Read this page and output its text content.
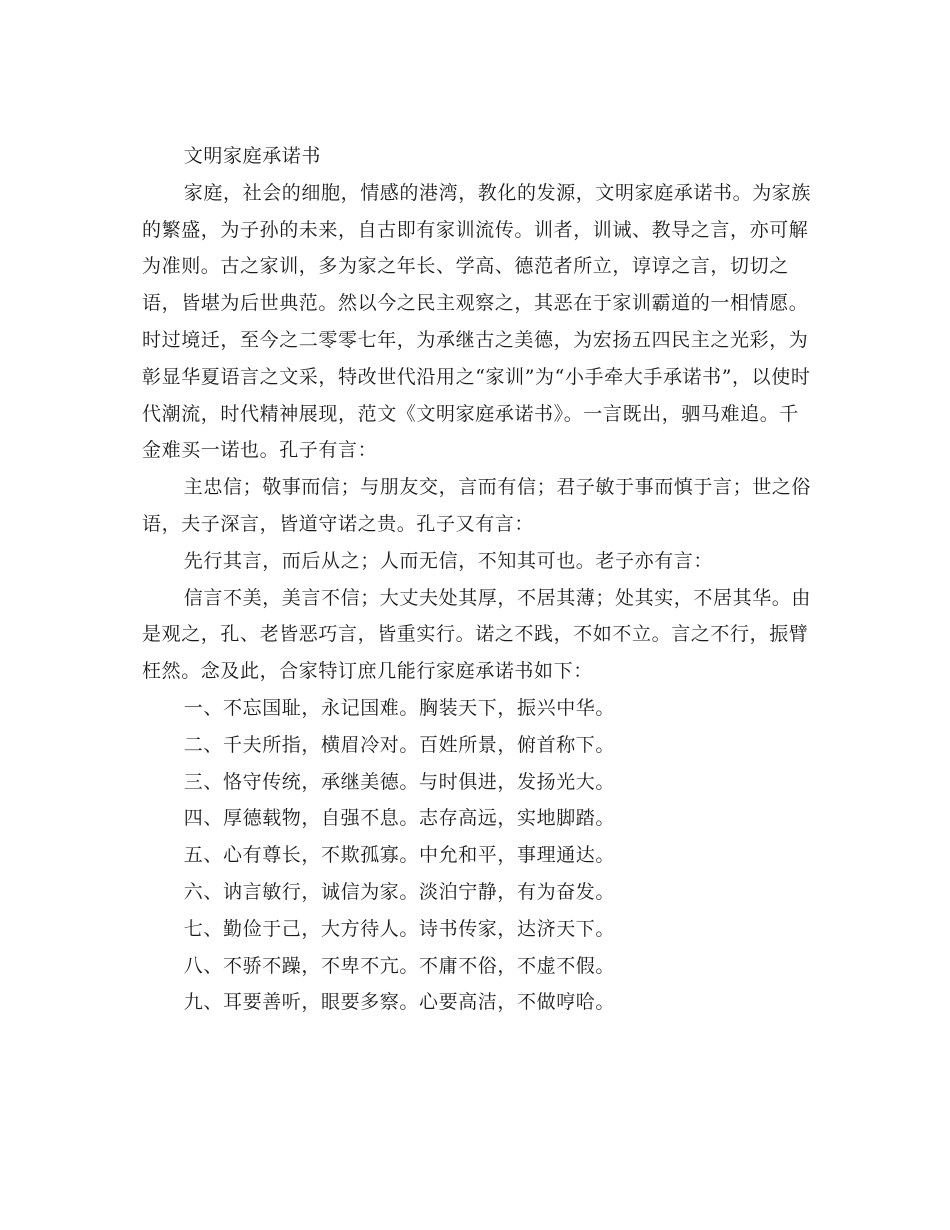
文明家庭承诺书

家庭，社会的细胞，情感的港湾，教化的发源，文明家庭承诺书。为家族的繁盛，为子孙的未来，自古即有家训流传。训者，训诫、教导之言，亦可解为准则。古之家训，多为家之年长、学高、德范者所立，谆谆之言，切切之语，皆堪为后世典范。然以今之民主观察之，其恶在于家训霸道的一相情愿。时过境迁，至今之二零零七年，为承继古之美德，为宏扬五四民主之光彩，为彰显华夏语言之文采，特改世代沿用之“家训”为“小手牵大手承诺书”，以使时代潮流，时代精神展现，范文《文明家庭承诺书》。一言既出，驷马难追。千金难买一诺也。孔子有言：

主忠信；敬事而信；与朋友交，言而有信；君子敏于事而慎于言；世之俗语，夫子深言，皆道守诺之贵。孔子又有言：

先行其言，而后从之；人而无信，不知其可也。老子亦有言：

信言不美，美言不信；大丈夫处其厚，不居其薄；处其实，不居其华。由是观之，孔、老皆恶巧言，皆重实行。诺之不践，不如不立。言之不行，振臂枉然。念及此，合家特订庶几能行家庭承诺书如下：

一、不忘国耻，永记国难。胸装天下，振兴中华。

二、千夫所指，横眉冷对。百姓所景，俯首称下。

三、恪守传统，承继美德。与时俱进，发扬光大。

四、厚德载物，自强不息。志存高远，实地脚踏。

五、心有尊长，不欺孤寡。中允和平，事理通达。

六、讷言敏行，诚信为家。淡泊宁静，有为奋发。

七、勤俭于己，大方待人。诗书传家，达济天下。

八、不骄不躁，不卑不亢。不庸不俗，不虚不假。

九、耳要善听，眼要多察。心要高洁，不做哼哈。
